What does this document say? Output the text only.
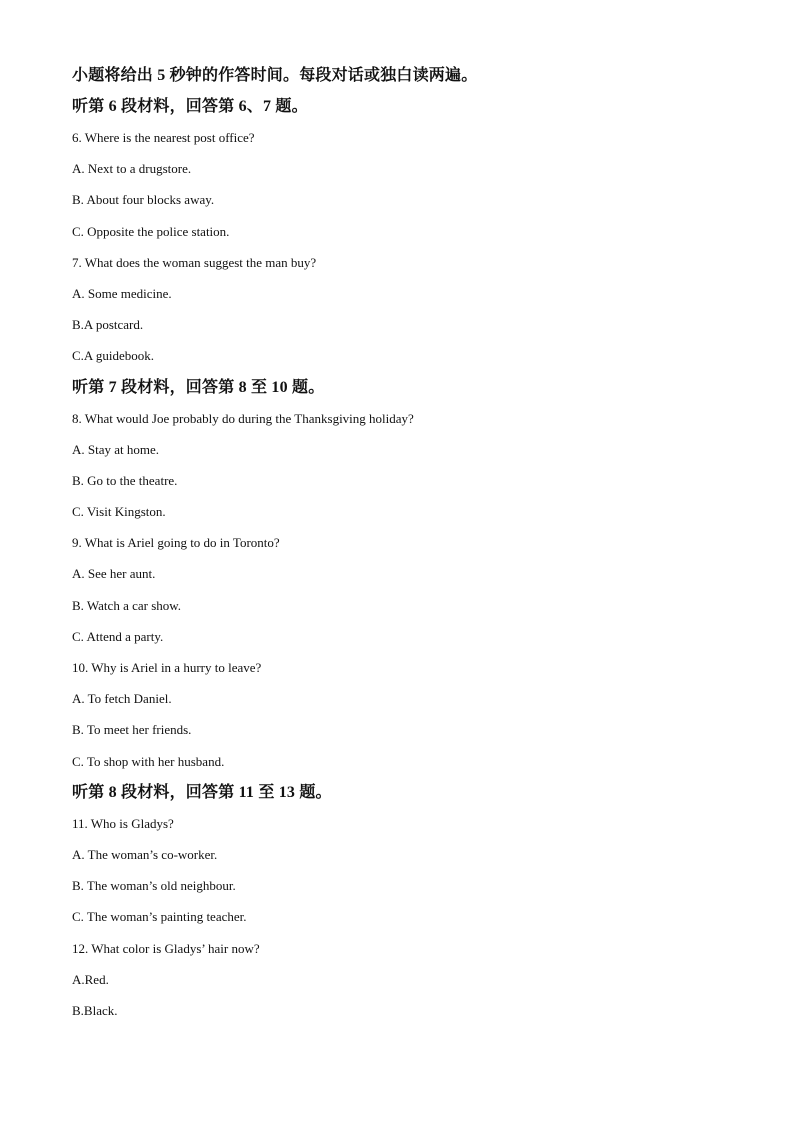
小题将给出 5 秒钟的作答时间。每段对话或独白读两遍。

听第 6 段材料，回答第 6、7 题。

6. Where is the nearest post office?

A. Next to a drugstore.

B. About four blocks away.

C. Opposite the police station.

7. What does the woman suggest the man buy?

A. Some medicine.

B.A postcard.

C.A guidebook.

听第 7 段材料，回答第 8 至 10 题。

8. What would Joe probably do during the Thanksgiving holiday?

A. Stay at home.

B. Go to the theatre.

C. Visit Kingston.

9. What is Ariel going to do in Toronto?

A. See her aunt.

B. Watch a car show.

C. Attend a party.

10. Why is Ariel in a hurry to leave?

A. To fetch Daniel.

B. To meet her friends.

C. To shop with her husband.

听第 8 段材料，回答第 11 至 13 题。

11. Who is Gladys?

A. The woman’s co-worker.

B. The woman’s old neighbour.

C. The woman’s painting teacher.

12. What color is Gladys’ hair now?

A.Red.

B.Black.
